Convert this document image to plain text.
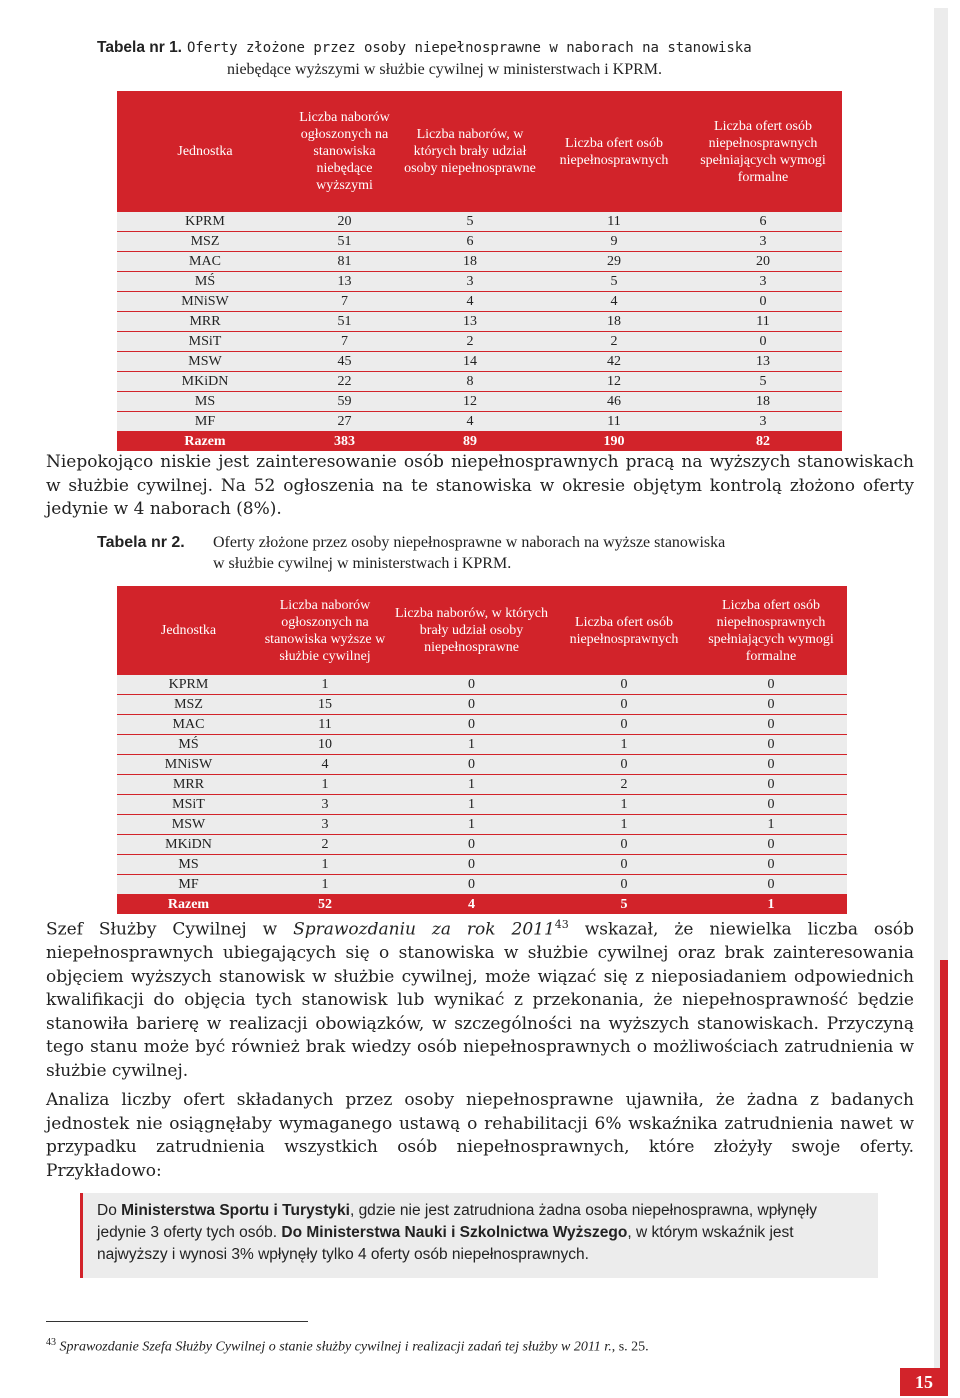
Tabela nr 1. Oferty złożone przez osoby niepełnosprawne w naborach na stanowiska
niebędące wyższymi w służbie cywilnej w ministerstwach i KPRM.
Jednostka	Liczba naborów ogłoszonych na stanowiska niebędące wyższymi	Liczba naborów, w których brały udział osoby niepełnosprawne	Liczba ofert osób niepełnosprawnych	Liczba ofert osób niepełnosprawnych spełniających wymogi formalne
KPRM	20	5	11	6
MSZ	51	6	9	3
MAC	81	18	29	20
MŚ	13	3	5	3
MNiSW	7	4	4	0
MRR	51	13	18	11
MSiT	7	2	2	0
MSW	45	14	42	13
MKiDN	22	8	12	5
MS	59	12	46	18
MF	27	4	11	3
Razem	383	89	190	82
Niepokojąco niskie jest zainteresowanie osób niepełnosprawnych pracą na wyższych stanowiskach w służbie cywilnej. Na 52 ogłoszenia na te stanowiska w okresie objętym kontrolą złożono oferty jedynie w 4 naborach (8%).
Tabela nr 2. Oferty złożone przez osoby niepełnosprawne w naborach na wyższe stanowiska
w służbie cywilnej w ministerstwach i KPRM.
Jednostka	Liczba naborów ogłoszonych na stanowiska wyższe w służbie cywilnej	Liczba naborów, w których brały udział osoby niepełnosprawne	Liczba ofert osób niepełnosprawnych	Liczba ofert osób niepełnosprawnych spełniających wymogi formalne
KPRM	1	0	0	0
MSZ	15	0	0	0
MAC	11	0	0	0
MŚ	10	1	1	0
MNiSW	4	0	0	0
MRR	1	1	2	0
MSiT	3	1	1	0
MSW	3	1	1	1
MKiDN	2	0	0	0
MS	1	0	0	0
MF	1	0	0	0
Razem	52	4	5	1
Szef Służby Cywilnej w Sprawozdaniu za rok 2011$^{43}$ wskazał, że niewielka liczba osób niepełnosprawnych ubiegających się o stanowiska w służbie cywilnej oraz brak zainteresowania objęciem wyższych stanowisk w służbie cywilnej, może wiązać się z nieposiadaniem odpowiednich kwalifikacji do objęcia tych stanowisk lub wynikać z przekonania, że niepełnosprawność będzie stanowiła barierę w realizacji obowiązków, w szczególności na wyższych stanowiskach. Przyczyną tego stanu może być również brak wiedzy osób niepełnosprawnych o możliwościach zatrudnienia w służbie cywilnej.
Analiza liczby ofert składanych przez osoby niepełnosprawne ujawniła, że żadna z badanych jednostek nie osiągnęłaby wymaganego ustawą o rehabilitacji 6% wskaźnika zatrudnienia nawet w przypadku zatrudnienia wszystkich osób niepełnosprawnych, które złożyły swoje oferty. Przykładowo:
Do Ministerstwa Sportu i Turystyki, gdzie nie jest zatrudniona żadna osoba niepełnosprawna, wpłynęły jedynie 3 oferty tych osób. Do Ministerstwa Nauki i Szkolnictwa Wyższego, w którym wskaźnik jest najwyższy i wynosi 3% wpłynęły tylko 4 oferty osób niepełnosprawnych.
$^{43}$ Sprawozdanie Szefa Służby Cywilnej o stanie służby cywilnej i realizacji zadań tej służby w 2011 r., s. 25.
15
